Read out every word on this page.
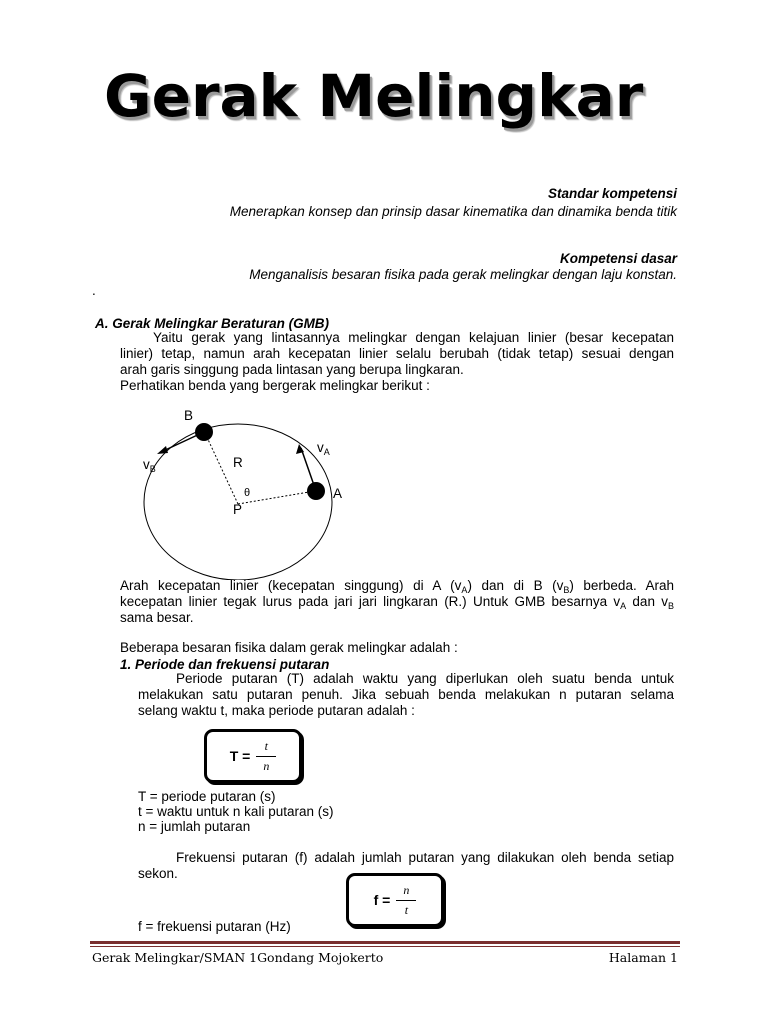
Gerak Melingkar
Standar kompetensi
Menerapkan konsep dan prinsip dasar kinematika dan dinamika benda titik
Kompetensi dasar
Menganalisis besaran fisika pada gerak melingkar dengan laju konstan.
.
A. Gerak Melingkar Beraturan (GMB)
Yaitu gerak yang lintasannya melingkar dengan kelajuan linier (besar kecepatan
linier) tetap, namun arah kecepatan linier selalu berubah (tidak tetap) sesuai dengan
arah garis singgung pada lintasan yang berupa lingkaran.
Perhatikan benda yang bergerak melingkar berikut :
B
$v_B$	R
θ
P
$v_A$
A
Arah kecepatan linier (kecepatan singgung) di A $(v_A)$ dan di B $(v_B)$ berbeda. Arah
kecepatan linier tegak lurus pada jari jari lingkaran (R.) Untuk GMB besarnya $v_A$ dan $v_B$
sama besar.
Beberapa besaran fisika dalam gerak melingkar adalah :
1. Periode dan frekuensi putaran
Periode putaran (T) adalah waktu yang diperlukan oleh suatu benda untuk
melakukan satu putaran penuh. Jika sebuah benda melakukan n putaran selama
selang waktu t, maka periode putaran adalah :
$T = \frac{t}{n}$
T = periode putaran (s)
t = waktu untuk n kali putaran (s)
n = jumlah putaran
Frekuensi putaran (f) adalah jumlah putaran yang dilakukan oleh benda setiap
sekon.
$f = \frac{n}{t}$
f = frekuensi putaran (Hz)
Gerak Melingkar/SMAN 1Gondang Mojokerto	Halaman 1
